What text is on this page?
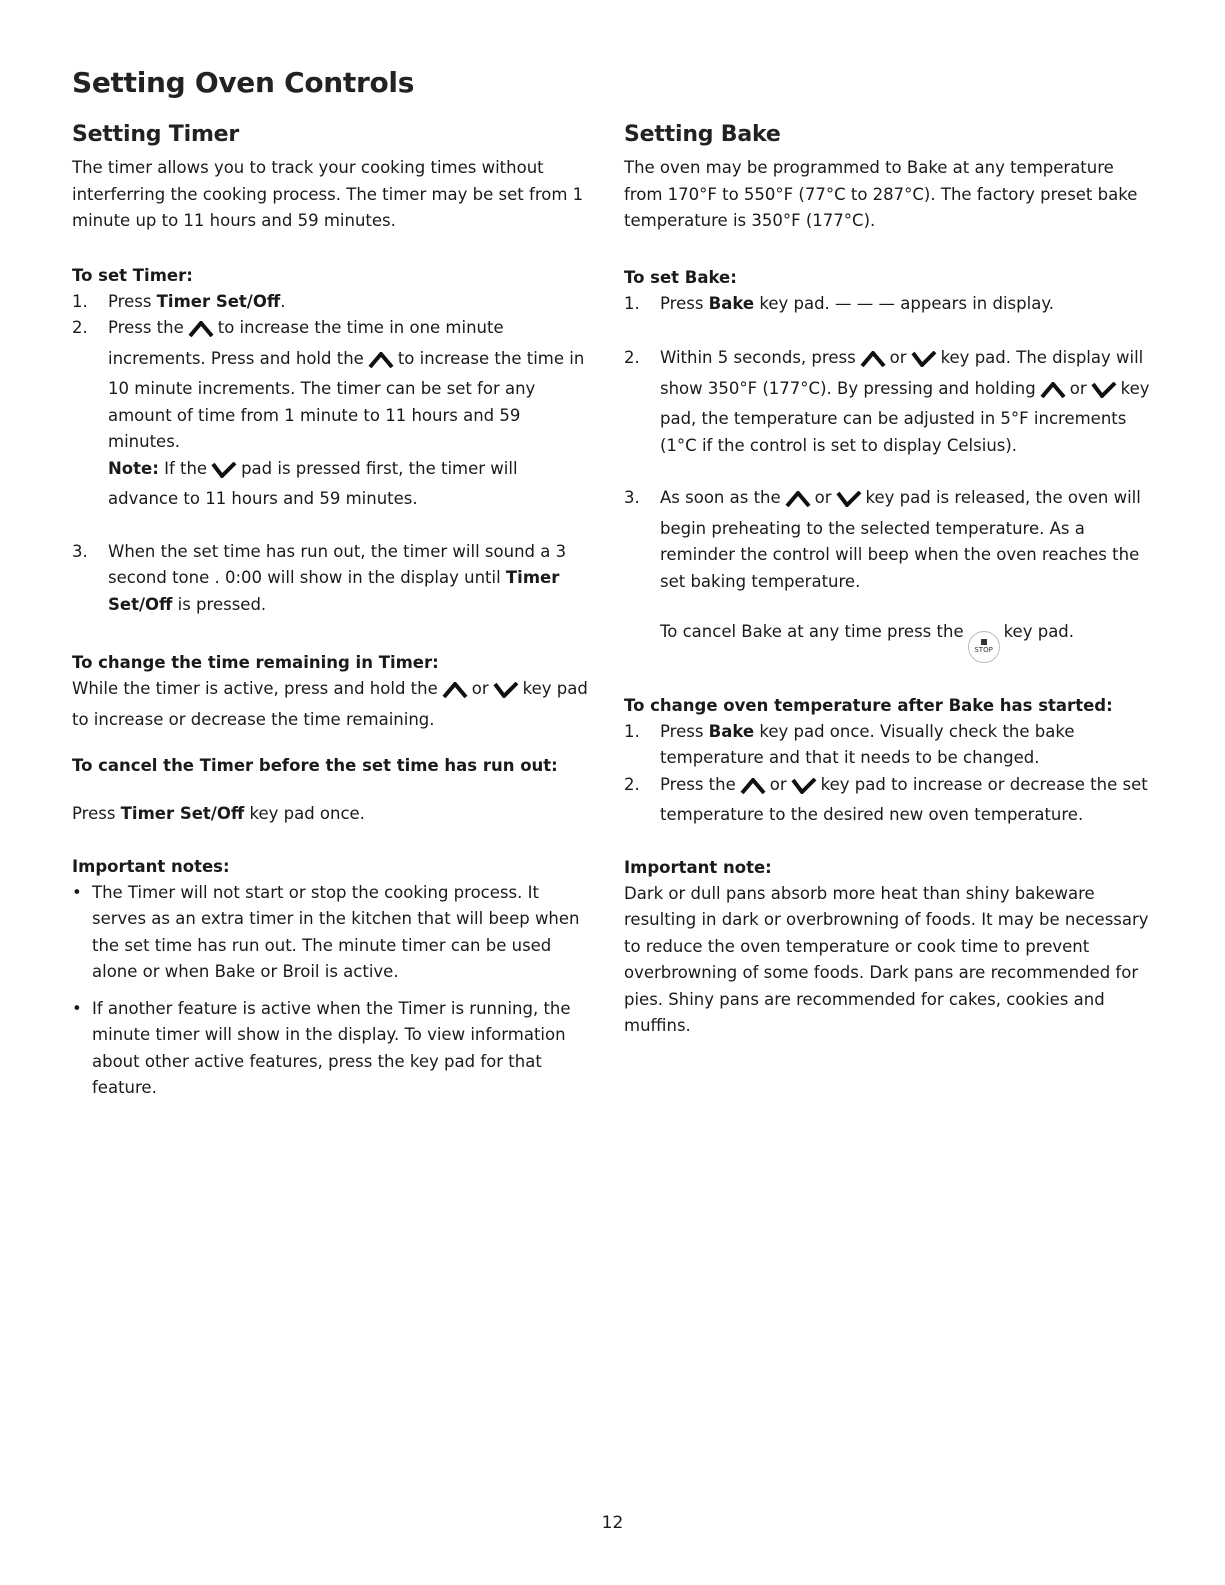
Setting Oven Controls
Setting Timer

The timer allows you to track your cooking times without interferring the cooking process. The timer may be set from 1 minute up to 11 hours and 59 minutes.

To set Timer:

1. Press Timer Set/Off.
2. Press the to increase the time in one minute increments. Press and hold the to increase the time in 10 minute increments. The timer can be set for any amount of time from 1 minute to 11 hours and 59 minutes.

Note: If the pad is pressed first, the timer will advance to 11 hours and 59 minutes.

3. When the set time has run out, the timer will sound a 3 second tone . 0:00 will show in the display until Timer Set/Off is pressed.

To change the time remaining in Timer:

While the timer is active, press and hold the or key pad to increase or decrease the time remaining.

To cancel the Timer before the set time has run out:

Press Timer Set/Off key pad once.

Important notes:

• The Timer will not start or stop the cooking process. It serves as an extra timer in the kitchen that will beep when the set time has run out. The minute timer can be used alone or when Bake or Broil is active.

• If another feature is active when the Timer is running, the minute timer will show in the display. To view information about other active features, press the key pad for that feature.

Setting Bake

The oven may be programmed to Bake at any temperature from 170°F to 550°F (77°C to 287°C). The factory preset bake temperature is 350°F (177°C).

To set Bake:

1. Press Bake key pad. — — — appears in display.
2. Within 5 seconds, press or key pad. The display will show 350°F (177°C). By pressing and holding or key pad, the temperature can be adjusted in 5°F increments (1°C if the control is set to display Celsius).

3. As soon as the or key pad is released, the oven will begin preheating to the selected temperature. As a reminder the control will beep when the oven reaches the set baking temperature.

To cancel Bake at any time press the
STOP
key pad.

To change oven temperature after Bake has started:

1. Press Bake key pad once. Visually check the bake temperature and that it needs to be changed.

2. Press the or key pad to increase or decrease the set temperature to the desired new oven temperature.

Important note:

Dark or dull pans absorb more heat than shiny bakeware resulting in dark or overbrowning of foods. It may be necessary to reduce the oven temperature or cook time to prevent overbrowning of some foods. Dark pans are recommended for pies. Shiny pans are recommended for cakes, cookies and muffins.

12
